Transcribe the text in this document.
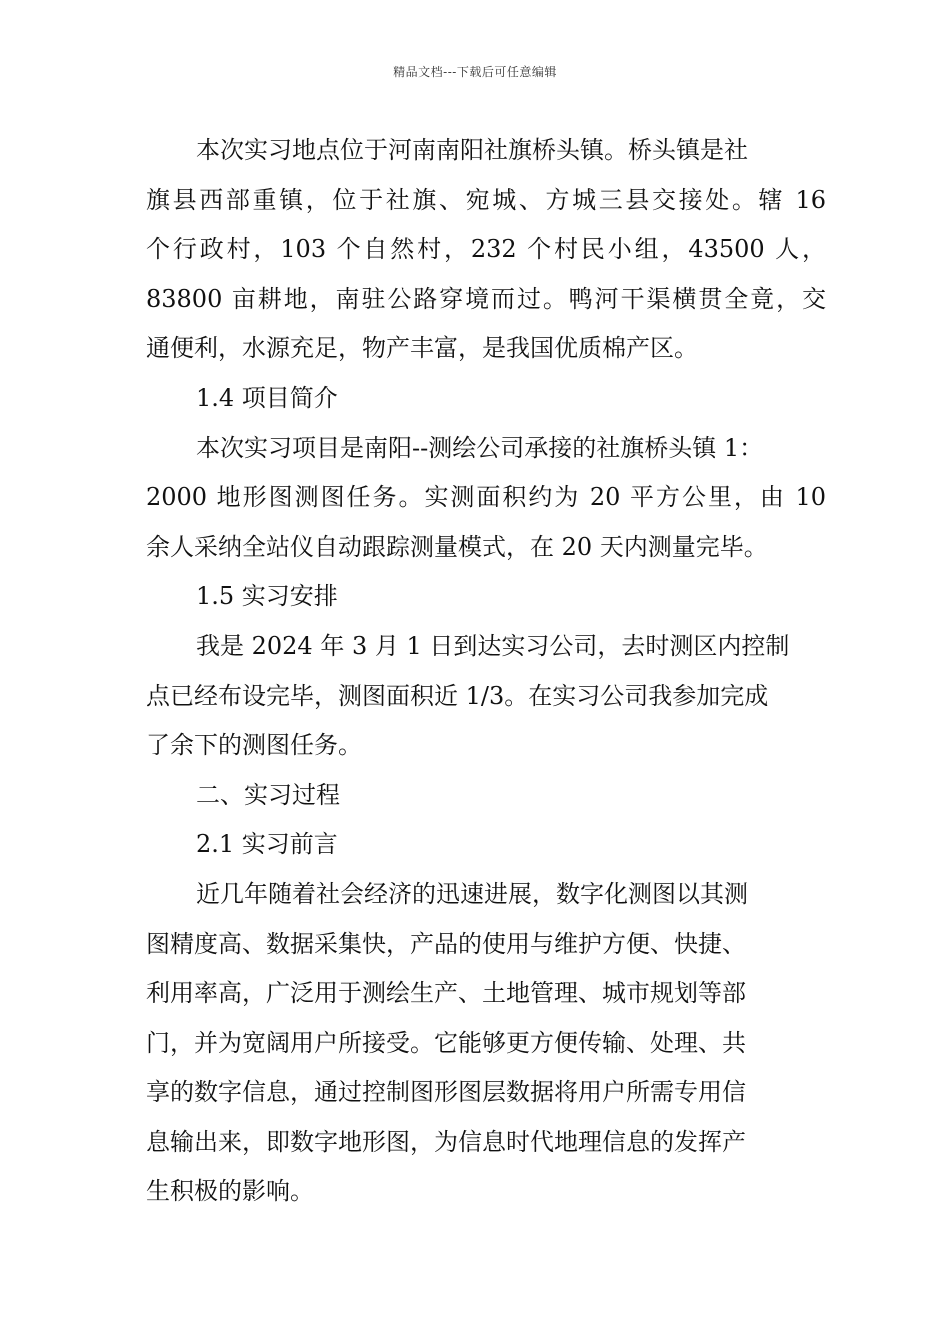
精品文档---下载后可任意编辑
本次实习地点位于河南南阳社旗桥头镇。桥头镇是社
旗县西部重镇，位于社旗、宛城、方城三县交接处。辖 16
个行政村，103 个自然村，232 个村民小组，43500 人，
83800 亩耕地，南驻公路穿境而过。鸭河干渠横贯全竟，交
通便利，水源充足，物产丰富，是我国优质棉产区。
1.4 项目简介
本次实习项目是南阳--测绘公司承接的社旗桥头镇 1：
2000 地形图测图任务。实测面积约为 20 平方公里，由 10
余人采纳全站仪自动跟踪测量模式，在 20 天内测量完毕。
1.5 实习安排
我是 2024 年 3 月 1 日到达实习公司，去时测区内控制
点已经布设完毕，测图面积近 1/3。在实习公司我参加完成
了余下的测图任务。
二、实习过程
2.1 实习前言
近几年随着社会经济的迅速进展，数字化测图以其测
图精度高、数据采集快，产品的使用与维护方便、快捷、
利用率高，广泛用于测绘生产、土地管理、城市规划等部
门，并为宽阔用户所接受。它能够更方便传输、处理、共
享的数字信息，通过控制图形图层数据将用户所需专用信
息输出来，即数字地形图，为信息时代地理信息的发挥产
生积极的影响。
